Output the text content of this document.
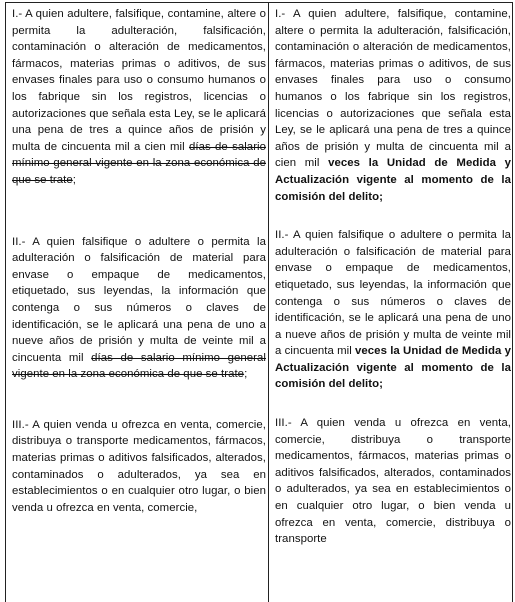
I.- A quien adultere, falsifique, contamine, altere o permita la adulteración, falsificación, contaminación o alteración de medicamentos, fármacos, materias primas o aditivos, de sus envases finales para uso o consumo humanos o los fabrique sin los registros, licencias o autorizaciones que señala esta Ley, se le aplicará una pena de tres a quince años de prisión y multa de cincuenta mil a cien mil días de salario mínimo general vigente en la zona económica de que se trate;

II.- A quien falsifique o adultere o permita la adulteración o falsificación de material para envase o empaque de medicamentos, etiquetado, sus leyendas, la información que contenga o sus números o claves de identificación, se le aplicará una pena de uno a nueve años de prisión y multa de veinte mil a cincuenta mil días de salario mínimo general vigente en la zona económica de que se trate;

III.- A quien venda u ofrezca en venta, comercie, distribuya o transporte medicamentos, fármacos, materias primas o aditivos falsificados, alterados, contaminados o adulterados, ya sea en establecimientos o en cualquier otro lugar, o bien venda u ofrezca en venta, comercie,

I.- A quien adultere, falsifique, contamine, altere o permita la adulteración, falsificación, contaminación o alteración de medicamentos, fármacos, materias primas o aditivos, de sus envases finales para uso o consumo humanos o los fabrique sin los registros, licencias o autorizaciones que señala esta Ley, se le aplicará una pena de tres a quince años de prisión y multa de cincuenta mil a cien mil veces la Unidad de Medida y Actualización vigente al momento de la comisión del delito;

II.- A quien falsifique o adultere o permita la adulteración o falsificación de material para envase o empaque de medicamentos, etiquetado, sus leyendas, la información que contenga o sus números o claves de identificación, se le aplicará una pena de uno a nueve años de prisión y multa de veinte mil a cincuenta mil veces la Unidad de Medida y Actualización vigente al momento de la comisión del delito;

III.- A quien venda u ofrezca en venta, comercie, distribuya o transporte medicamentos, fármacos, materias primas o aditivos falsificados, alterados, contaminados o adulterados, ya sea en establecimientos o en cualquier otro lugar, o bien venda u ofrezca en venta, comercie, distribuya o transporte
